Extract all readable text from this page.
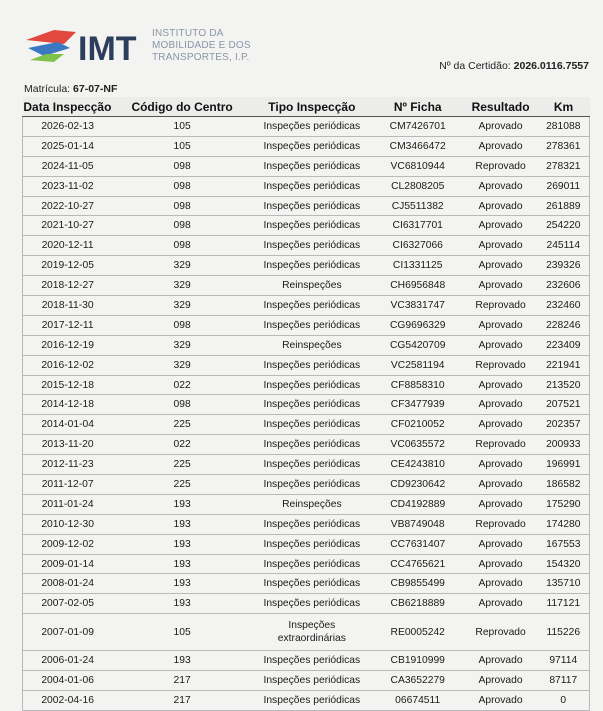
IMT INSTITUTO DA
MOBILIDADE E DOS
TRANSPORTES, I.P.
Nº da Certidão: 2026.0116.7557
Matrícula: 67-07-NF
Data Inspecção	Código do Centro	Tipo Inspecção	Nº Ficha	Resultado	Km
2026-02-13	105	Inspeções periódicas	CM7426701	Aprovado	281088
2025-01-14	105	Inspeções periódicas	CM3466472	Aprovado	278361
2024-11-05	098	Inspeções periódicas	VC6810944	Reprovado	278321
2023-11-02	098	Inspeções periódicas	CL2808205	Aprovado	269011
2022-10-27	098	Inspeções periódicas	CJ5511382	Aprovado	261889
2021-10-27	098	Inspeções periódicas	CI6317701	Aprovado	254220
2020-12-11	098	Inspeções periódicas	CI6327066	Aprovado	245114
2019-12-05	329	Inspeções periódicas	CI1331125	Aprovado	239326
2018-12-27	329	Reinspeções	CH6956848	Aprovado	232606
2018-11-30	329	Inspeções periódicas	VC3831747	Reprovado	232460
2017-12-11	098	Inspeções periódicas	CG9696329	Aprovado	228246
2016-12-19	329	Reinspeções	CG5420709	Aprovado	223409
2016-12-02	329	Inspeções periódicas	VC2581194	Reprovado	221941
2015-12-18	022	Inspeções periódicas	CF8858310	Aprovado	213520
2014-12-18	098	Inspeções periódicas	CF3477939	Aprovado	207521
2014-01-04	225	Inspeções periódicas	CF0210052	Aprovado	202357
2013-11-20	022	Inspeções periódicas	VC0635572	Reprovado	200933
2012-11-23	225	Inspeções periódicas	CE4243810	Aprovado	196991
2011-12-07	225	Inspeções periódicas	CD9230642	Aprovado	186582
2011-01-24	193	Reinspeções	CD4192889	Aprovado	175290
2010-12-30	193	Inspeções periódicas	VB8749048	Reprovado	174280
2009-12-02	193	Inspeções periódicas	CC7631407	Aprovado	167553
2009-01-14	193	Inspeções periódicas	CC4765621	Aprovado	154320
2008-01-24	193	Inspeções periódicas	CB9855499	Aprovado	135710
2007-02-05	193	Inspeções periódicas	CB6218889	Aprovado	117121
2007-01-09	105	Inspeções extraordinárias	RE0005242	Reprovado	115226
2006-01-24	193	Inspeções periódicas	CB1910999	Aprovado	97114
2004-01-06	217	Inspeções periódicas	CA3652279	Aprovado	87117
2002-04-16	217	Inspeções periódicas	06674511	Aprovado	0
